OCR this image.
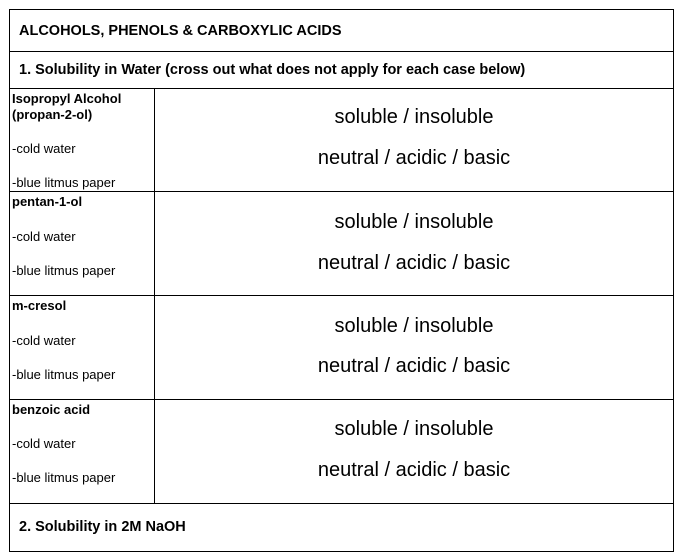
ALCOHOLS, PHENOLS & CARBOXYLIC ACIDS
1. Solubility in Water (cross out what does not apply for each case below)
Isopropyl Alcohol
(propan-2-ol)
-cold water
-blue litmus paper
soluble / insoluble
neutral / acidic / basic
pentan-1-ol
-cold water
-blue litmus paper
soluble / insoluble
neutral / acidic / basic
m-cresol
-cold water
-blue litmus paper
soluble / insoluble
neutral / acidic / basic
benzoic acid
-cold water
-blue litmus paper
soluble / insoluble
neutral / acidic / basic
2. Solubility in 2M NaOH
